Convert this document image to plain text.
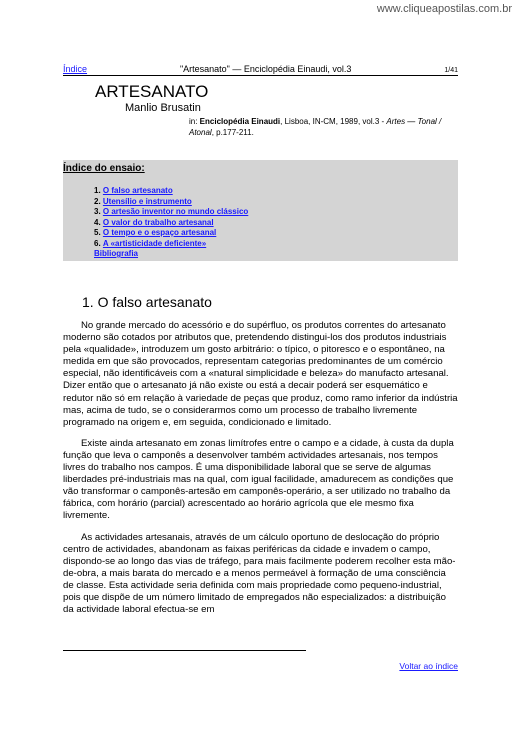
www.cliqueapostilas.com.br
Índice	"Artesanato" — Enciclopédia Einaudi, vol.3	1/41
ARTESANATO
Manlio Brusatin
in: Enciclopédia Einaudi, Lisboa, IN-CM, 1989, vol.3 - Artes — Tonal / Atonal, p.177-211.
Índice do ensaio:
1. O falso artesanato
2. Utensílio e instrumento
3. O artesão inventor no mundo clássico
4. O valor do trabalho artesanal
5. O tempo e o espaço artesanal
6. A «artisticidade deficiente»
Bibliografia
1. O falso artesanato

No grande mercado do acessório e do supérfluo, os produtos correntes do artesanato moderno são cotados por atributos que, pretendendo distingui-los dos produtos industriais pela «qualidade», introduzem um gosto arbitrário: o típico, o pitoresco e o espontâneo, na medida em que são provocados, representam categorias predominantes de um comércio especial, não identificáveis com a «natural simplicidade e beleza» do manufacto artesanal. Dizer então que o artesanato já não existe ou está a decair poderá ser esquemático e redutor não só em relação à variedade de peças que produz, como ramo inferior da indústria mas, acima de tudo, se o considerarmos como um processo de trabalho livremente programado na origem e, em seguida, condicionado e limitado.

Existe ainda artesanato em zonas limítrofes entre o campo e a cidade, à custa da dupla função que leva o camponês a desenvolver também actividades artesanais, nos tempos livres do trabalho nos campos. É uma disponibilidade laboral que se serve de algumas liberdades pré-industriais mas na qual, com igual facilidade, amadurecem as condições que vão transformar o camponês-artesão em camponês-operário, a ser utilizado no trabalho da fábrica, com horário (parcial) acrescentado ao horário agrícola que ele mesmo fixa livremente.

As actividades artesanais, através de um cálculo oportuno de deslocação do próprio centro de actividades, abandonam as faixas periféricas da cidade e invadem o campo, dispondo-se ao longo das vias de tráfego, para mais facilmente poderem recolher esta mão-de-obra, a mais barata do mercado e a menos permeável à formação de uma consciência de classe. Esta actividade seria definida com mais propriedade como pequeno-industrial, pois que dispõe de um número limitado de empregados não especializados: a distribuição da actividade laboral efectua-se em

Voltar ao índice
